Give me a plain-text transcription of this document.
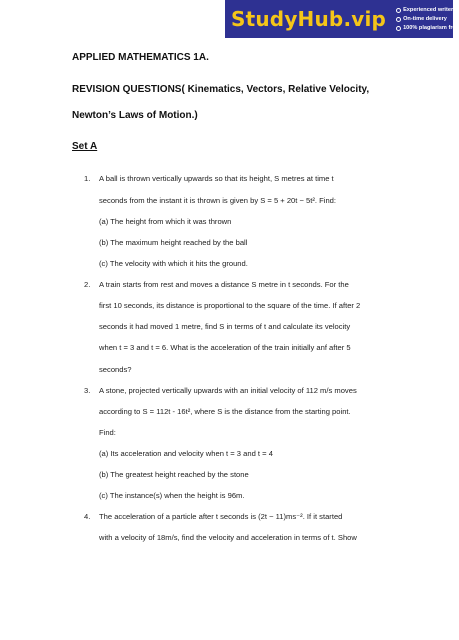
StudyHub.vip	Experienced writers
On-time delivery
100% plagiarism free
APPLIED MATHEMATICS 1A.
REVISION QUESTIONS( Kinematics, Vectors, Relative Velocity,
Newton’s Laws of Motion.)
Set A
1. A ball is thrown vertically upwards so that its height, S metres at time t
seconds from the instant it is thrown is given by S = 5 + 20t − 5t². Find:
(a) The height from which it was thrown
(b) The maximum height reached by the ball
(c) The velocity with which it hits the ground.
2. A train starts from rest and moves a distance S metre in t seconds. For the
first 10 seconds, its distance is proportional to the square of the time. If after 2
seconds it had moved 1 metre, find S in terms of t and calculate its velocity
when t = 3 and t = 6. What is the acceleration of the train initially anf after 5
seconds?
3. A stone, projected vertically upwards with an initial velocity of 112 m/s moves
according to S = 112t - 16t², where S is the distance from the starting point.
Find:
(a) Its acceleration and velocity when t = 3 and t = 4
(b) The greatest height reached by the stone
(c) The instance(s) when the height is 96m.
4. The acceleration of a particle after t seconds is (2t − 11)ms⁻². If it started
with a velocity of 18m/s, find the velocity and acceleration in terms of t. Show
